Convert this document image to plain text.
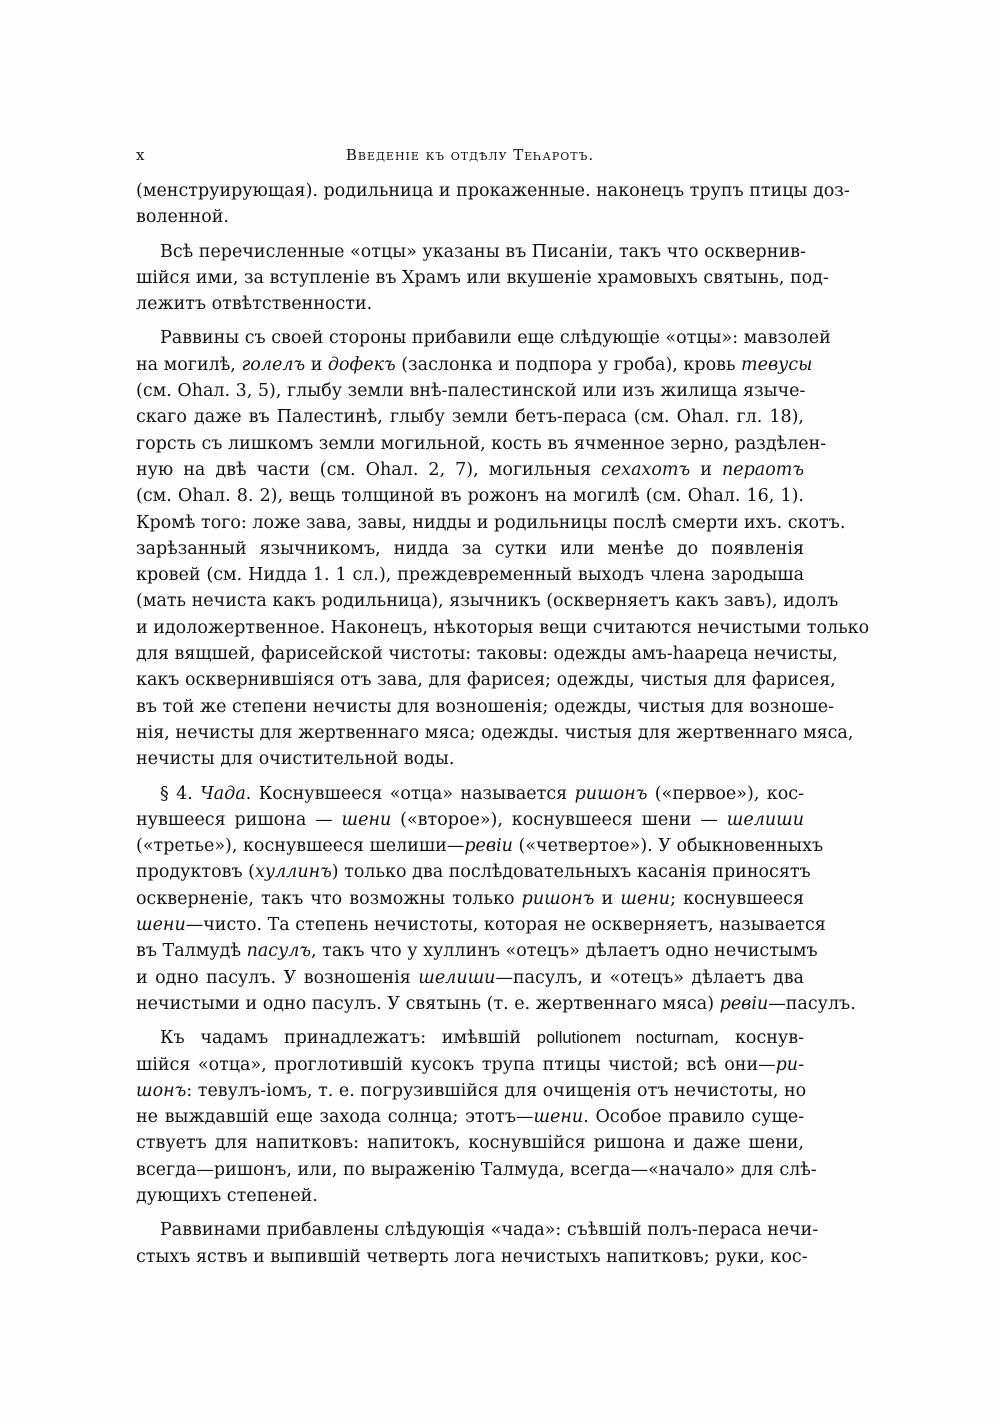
x	Введеніе къ отдѣлу Теһаротъ.
(менструирующая). родильница и прокаженные. наконецъ трупъ птицы доз-
воленной.
Всѣ перечисленные «отцы» указаны въ Писаніи, такъ что осквернив-
шійся ими, за вступленіе въ Храмъ или вкушеніе храмовыхъ святынь, под-
лежитъ отвѣтственности.
Раввины съ своей стороны прибавили еще слѣдующіе «отцы»: мавзолей
на могилѣ, голелъ и дофекъ (заслонка и подпора у гроба), кровь тевусы
(см. Оһал. 3, 5), глыбу земли внѣ-палестинской или изъ жилища языче-
скаго даже въ Палестинѣ, глыбу земли бетъ-пераса (см. Оһал. гл. 18),
горсть съ лишкомъ земли могильной, кость въ ячменное зерно, раздѣлен-
ную на двѣ части (см. Оһал. 2, 7), могильныя сехахотъ и пераотъ
(см. Оһал. 8. 2), вещь толщиной въ рожонъ на могилѣ (см. Оһал. 16, 1).
Кромѣ того: ложе зава, завы, нидды и родильницы послѣ смерти ихъ. скотъ.
зарѣзанный язычникомъ, нидда за сутки или менѣе до появленія
кровей (см. Нидда 1. 1 сл.), преждевременный выходъ члена зародыша
(мать нечиста какъ родильница), язычникъ (оскверняетъ какъ завъ), идолъ
и идоложертвенное. Наконецъ, нѣкоторыя вещи считаются нечистыми только
для вящшей, фарисейской чистоты: таковы: одежды амъ-һаареца нечисты,
какъ осквернившіяся отъ зава, для фарисея; одежды, чистыя для фарисея,
въ той же степени нечисты для возношенія; одежды, чистыя для возноше-
нія, нечисты для жертвеннаго мяса; одежды. чистыя для жертвеннаго мяса,
нечисты для очистительной воды.
§ 4. Чада. Коснувшееся «отца» называется ришонъ («первое»), кос-
нувшееся ришона — шени («второе»), коснувшееся шени — шелиши
(«третье»), коснувшееся шелиши—ревіи («четвертое»). У обыкновенныхъ
продуктовъ (хуллинъ) только два послѣдовательныхъ касанія приносятъ
оскверненіе, такъ что возможны только ришонъ и шени; коснувшееся
шени—чисто. Та степень нечистоты, которая не оскверняетъ, называется
въ Талмудѣ пасулъ, такъ что у хуллинъ «отецъ» дѣлаетъ одно нечистымъ
и одно пасулъ. У возношенія шелиши—пасулъ, и «отецъ» дѣлаетъ два
нечистыми и одно пасулъ. У святынь (т. е. жертвеннаго мяса) ревіи—пасулъ.
Къ чадамъ принадлежатъ: имѣвшій pollutionem nocturnam, коснув-
шійся «отца», проглотившій кусокъ трупа птицы чистой; всѣ они—ри-
шонъ: тевулъ-іомъ, т. е. погрузившійся для очищенія отъ нечистоты, но
не выждавшій еще захода солнца; этотъ—шени. Особое правило суще-
ствуетъ для напитковъ: напитокъ, коснувшійся ришона и даже шени,
всегда—ришонъ, или, по выраженію Талмуда, всегда—«начало» для слѣ-
дующихъ степеней.
Раввинами прибавлены слѣдующія «чада»: съѣвшій полъ-пераса нечи-
стыхъ яствъ и выпившій четверть лога нечистыхъ напитковъ; руки, кос-
